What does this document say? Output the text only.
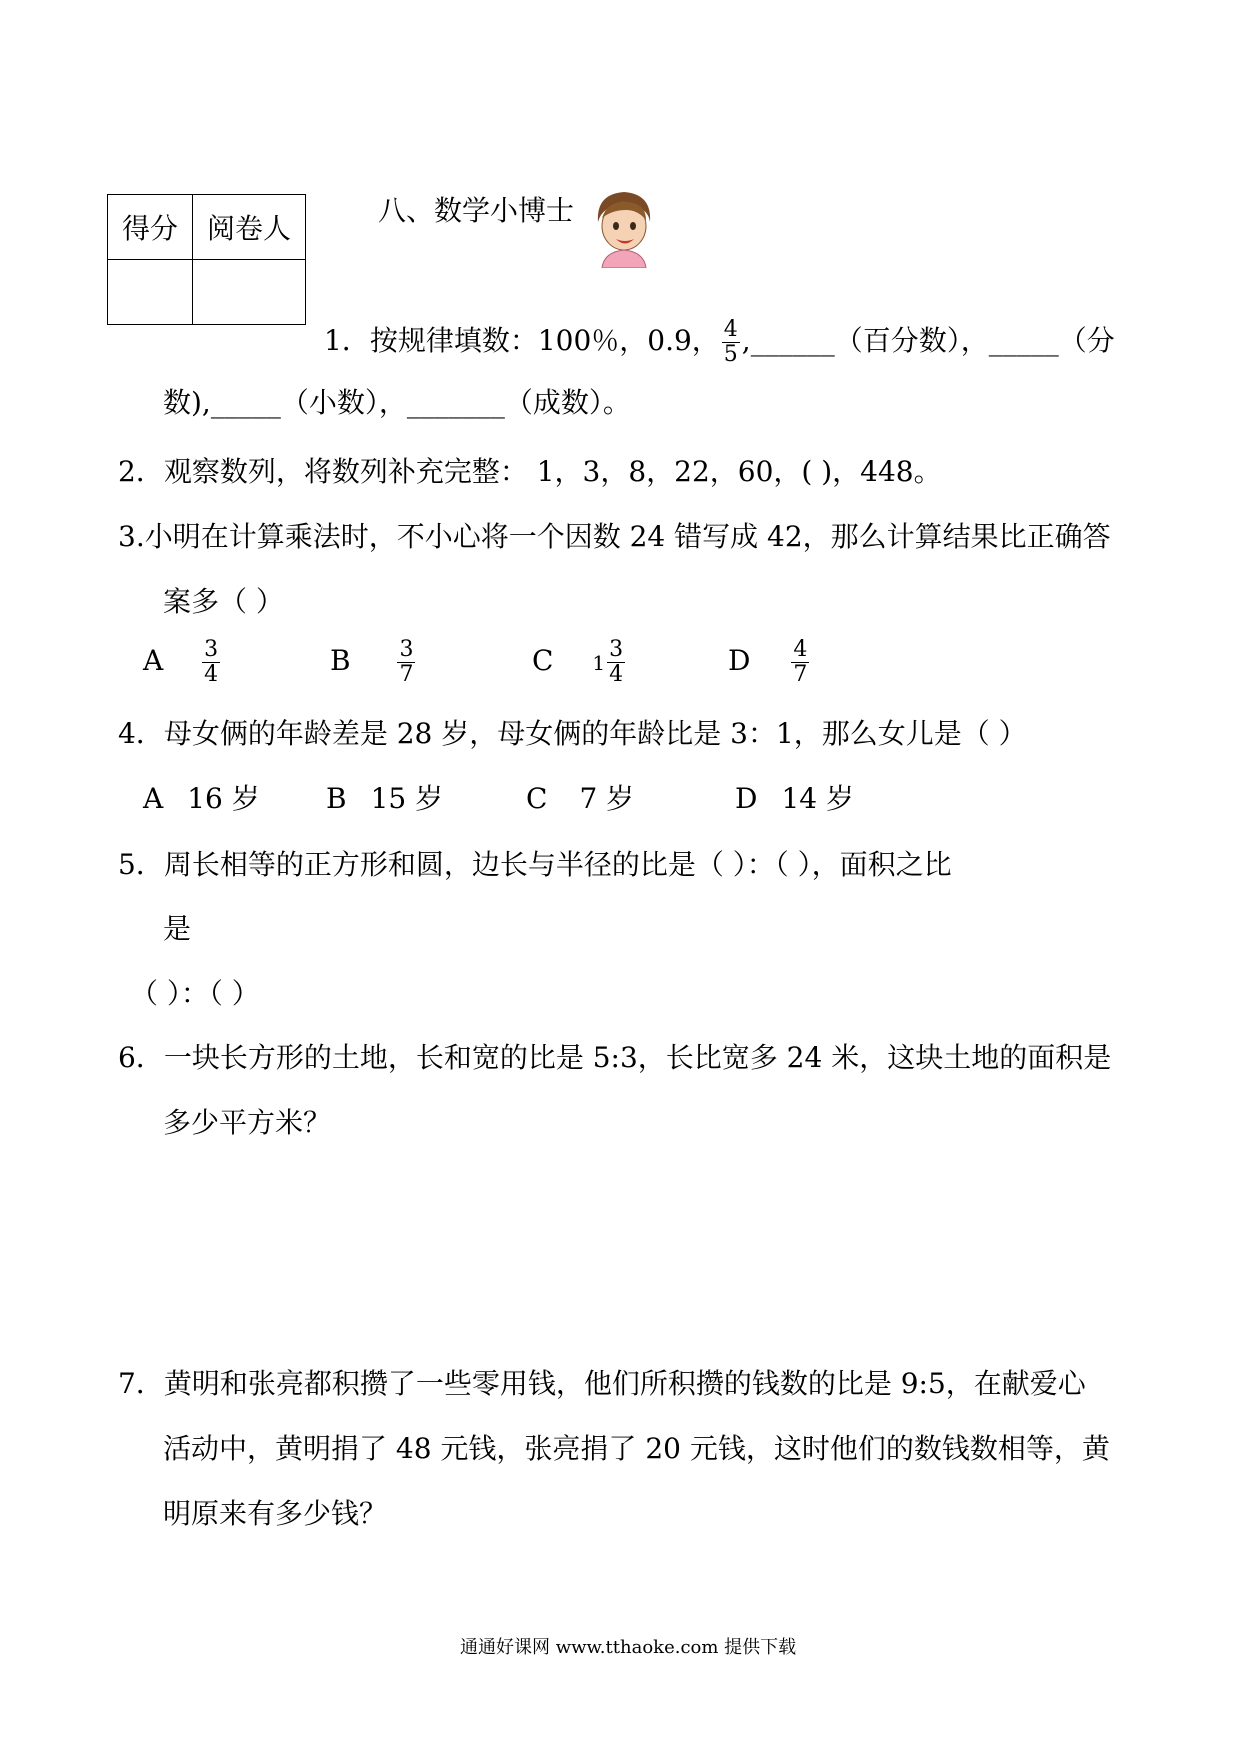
得分	阅卷人

八、数学小博士
1．按规律填数：100％，0.9， $\frac{4}{5}$ ,______（百分数），_____（分
数),_____（小数），_______（成数）。
2．观察数列，将数列补充完整： 1，3，8，22，60，( )，448。
3.小明在计算乘法时，不小心将一个因数 24 错写成 42，那么计算结果比正确答
案多（ ）
A $\frac{3}{4}$	B $\frac{3}{7}$	C $1 \frac{3}{4}$	D $\frac{4}{7}$
4．母女俩的年龄差是 28 岁，母女俩的年龄比是 3：1，那么女儿是（ ）
A 16 岁 B 15 岁	C 7 岁	D 14 岁
5．周长相等的正方形和圆，边长与半径的比是（ ）：（ ），面积之比
是
（ ）：（ ）
6．一块长方形的土地，长和宽的比是 5:3，长比宽多 24 米，这块土地的面积是
多少平方米？
7．黄明和张亮都积攒了一些零用钱，他们所积攒的钱数的比是 9:5，在献爱心
活动中，黄明捐了 48 元钱，张亮捐了 20 元钱，这时他们的数钱数相等，黄
明原来有多少钱？
通通好课网 www.tthaoke.com 提供下载
